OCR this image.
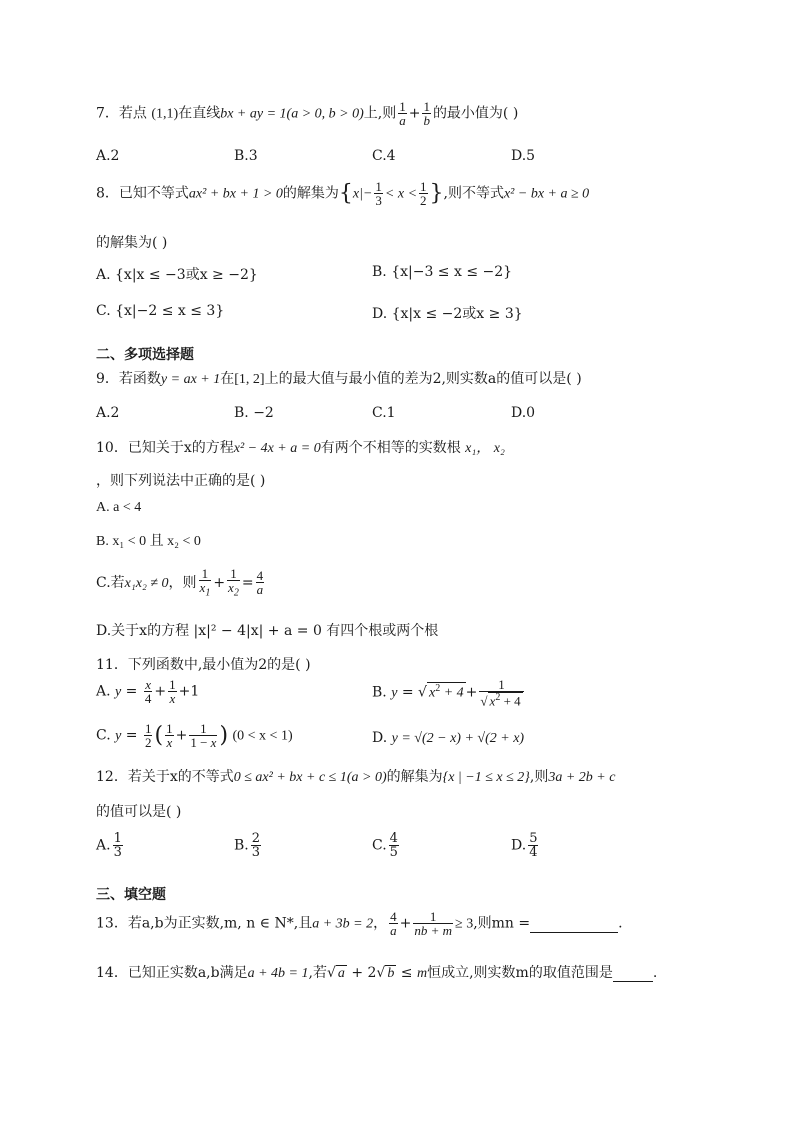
7．若点 (1,1)在直线bx + ay = 1(a > 0, b > 0)上,则 $\frac{1}{a} + \frac{1}{b}$ 的最小值为( )
A.2	B.3	C.4	D.5
8．已知不等式ax² + bx + 1 > 0的解集为{$x|- \frac{1}{3} < x < \frac{1}{2}$ },则不等式x² − bx + a ≥ 0
的解集为( )
A. {x|x ≤ −3或x ≥ −2}	B. {x|−3 ≤ x ≤ −2}
C. {x|−2 ≤ x ≤ 3}	D. {x|x ≤ −2或x ≥ 3}
二、多项选择题
9．若函数y = ax + 1在[1, 2]上的最大值与最小值的差为2,则实数a的值可以是( )
A.2	B. −2	C.1	D.0
10．已知关于x的方程x² − 4x + a = 0有两个不相等的实数根 x₁， x₂
，则下列说法中正确的是( )
A. a < 4
B. x₁ < 0 且 x₂ < 0
C.若x₁x₂ ≠ 0，则 $\frac{1}{x_1} + \frac{1}{x_2} = \frac{4}{a}$
D.关于x的方程 |x|² − 4|x| + a = 0 有四个根或两个根
11．下列函数中,最小值为2的是( )
A. $y = \frac{x}{4} + \frac{1}{x} +1$	B. y = √ $x^2 + 4 + \frac{1}{√ x^2 + 4}$
C. $y = \frac{1}{2}$ ( $\frac{1}{x} + \frac{1}{1 - x}$ ) (0 < x < 1)	D. y = √(2 − x) + √(2 + x)
12．若关于x的不等式0 ≤ ax² + bx + c ≤ 1(a > 0)的解集为{x | −1 ≤ x ≤ 2},则3a + 2b + c
的值可以是( )
A. $\frac{1}{3}$	B. $\frac{2}{3}$	C. $\frac{4}{5}$	D. $\frac{5}{4}$
三、填空题
13．若a,b为正实数,m, n ∈ N*,且a + 3b = 2， $\frac{4}{a} + \frac{1}{nb + m} \ge 3$,则mn =	.
14．已知正实数a,b满足a + 4b = 1,若√ a + 2√ b ≤ m恒成立,则实数m的取值范围是	.
